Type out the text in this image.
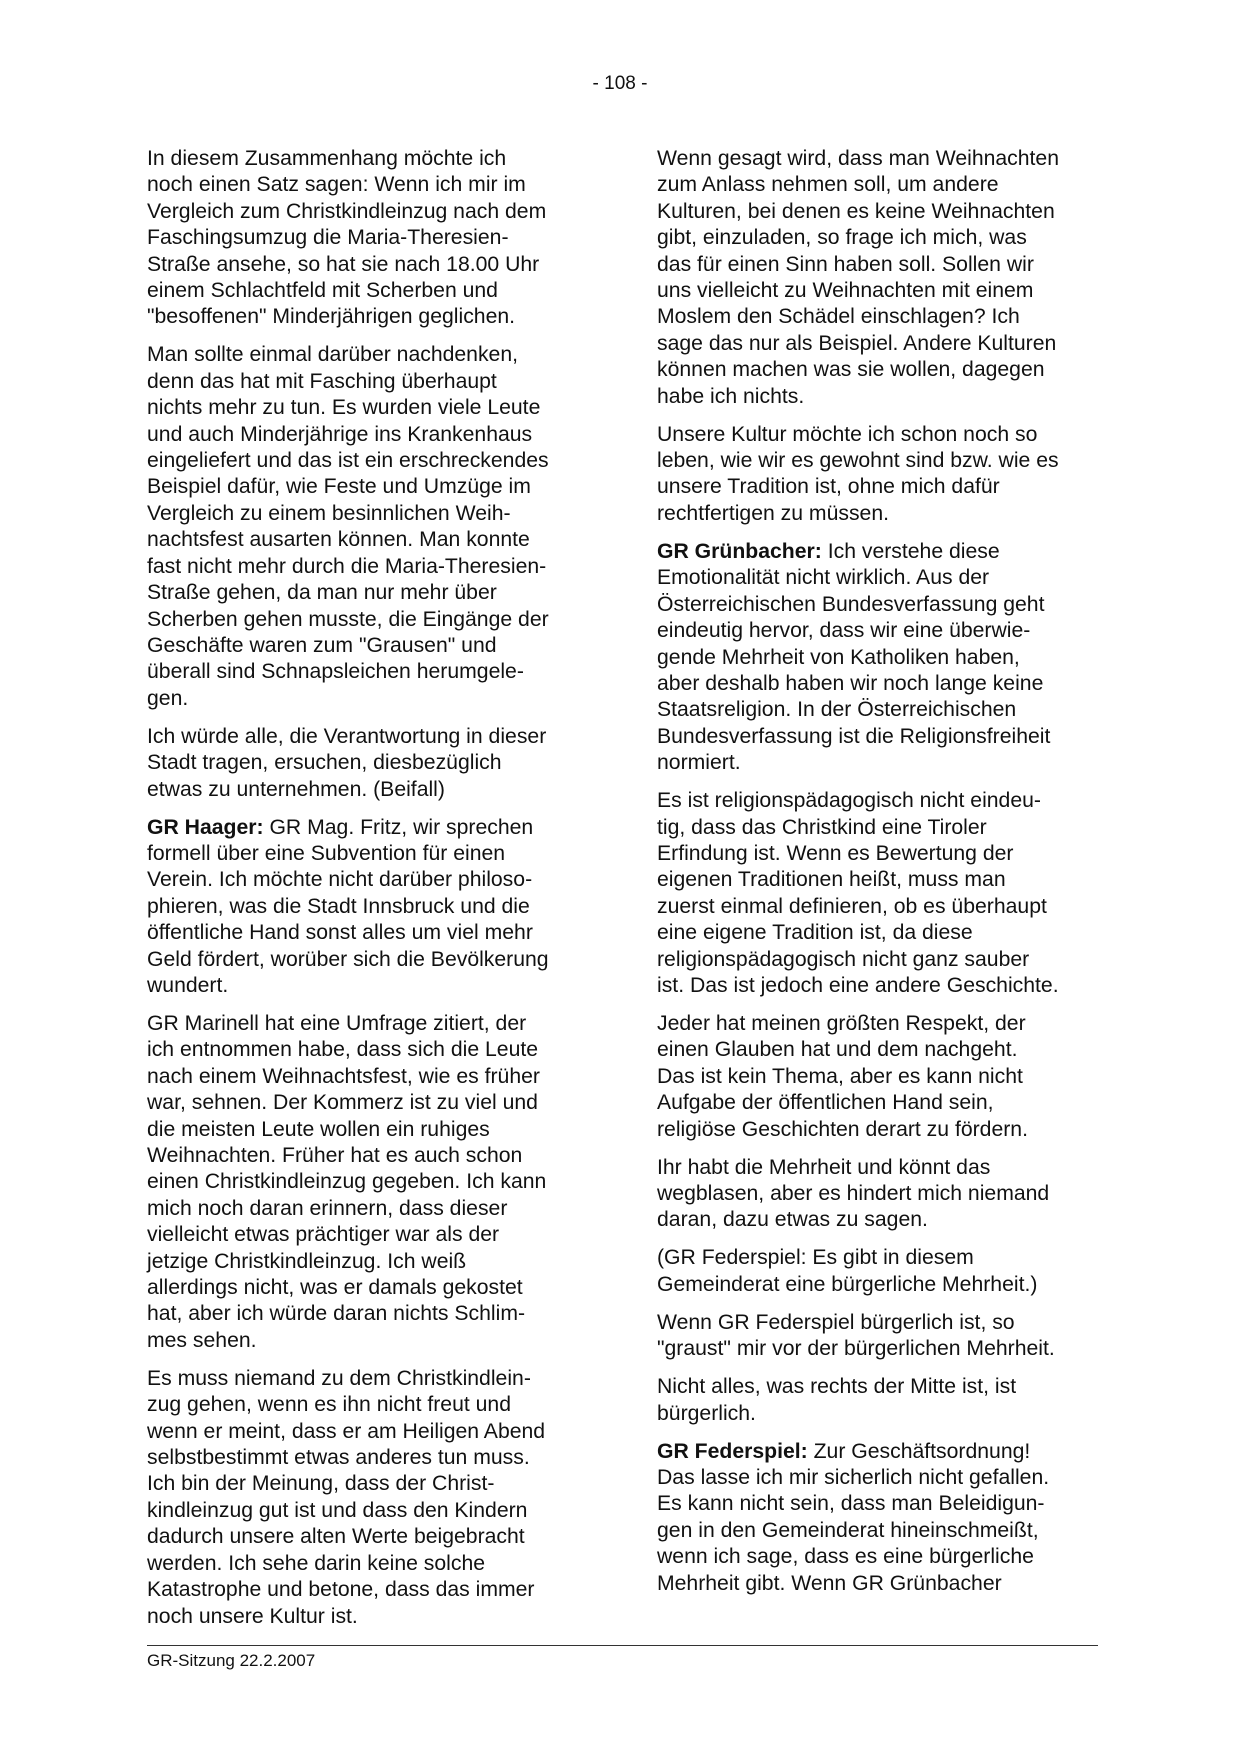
- 108 -

In diesem Zusammenhang möchte ich
noch einen Satz sagen: Wenn ich mir im
Vergleich zum Christkindleinzug nach dem
Faschingsumzug die Maria-Theresien-
Straße ansehe, so hat sie nach 18.00 Uhr
einem Schlachtfeld mit Scherben und
"besoffenen" Minderjährigen geglichen.

Man sollte einmal darüber nachdenken,
denn das hat mit Fasching überhaupt
nichts mehr zu tun. Es wurden viele Leute
und auch Minderjährige ins Krankenhaus
eingeliefert und das ist ein erschreckendes
Beispiel dafür, wie Feste und Umzüge im
Vergleich zu einem besinnlichen Weih-
nachtsfest ausarten können. Man konnte
fast nicht mehr durch die Maria-Theresien-
Straße gehen, da man nur mehr über
Scherben gehen musste, die Eingänge der
Geschäfte waren zum "Grausen" und
überall sind Schnapsleichen herumgele-
gen.

Ich würde alle, die Verantwortung in dieser
Stadt tragen, ersuchen, diesbezüglich
etwas zu unternehmen. (Beifall)

GR Haager: GR Mag. Fritz, wir sprechen
formell über eine Subvention für einen
Verein. Ich möchte nicht darüber philoso-
phieren, was die Stadt Innsbruck und die
öffentliche Hand sonst alles um viel mehr
Geld fördert, worüber sich die Bevölkerung
wundert.

GR Marinell hat eine Umfrage zitiert, der
ich entnommen habe, dass sich die Leute
nach einem Weihnachtsfest, wie es früher
war, sehnen. Der Kommerz ist zu viel und
die meisten Leute wollen ein ruhiges
Weihnachten. Früher hat es auch schon
einen Christkindleinzug gegeben. Ich kann
mich noch daran erinnern, dass dieser
vielleicht etwas prächtiger war als der
jetzige Christkindleinzug. Ich weiß
allerdings nicht, was er damals gekostet
hat, aber ich würde daran nichts Schlim-
mes sehen.

Es muss niemand zu dem Christkindlein-
zug gehen, wenn es ihn nicht freut und
wenn er meint, dass er am Heiligen Abend
selbstbestimmt etwas anderes tun muss.
Ich bin der Meinung, dass der Christ-
kindleinzug gut ist und dass den Kindern
dadurch unsere alten Werte beigebracht
werden. Ich sehe darin keine solche
Katastrophe und betone, dass das immer
noch unsere Kultur ist.

Wenn gesagt wird, dass man Weihnachten
zum Anlass nehmen soll, um andere
Kulturen, bei denen es keine Weihnachten
gibt, einzuladen, so frage ich mich, was
das für einen Sinn haben soll. Sollen wir
uns vielleicht zu Weihnachten mit einem
Moslem den Schädel einschlagen? Ich
sage das nur als Beispiel. Andere Kulturen
können machen was sie wollen, dagegen
habe ich nichts.

Unsere Kultur möchte ich schon noch so
leben, wie wir es gewohnt sind bzw. wie es
unsere Tradition ist, ohne mich dafür
rechtfertigen zu müssen.

GR Grünbacher: Ich verstehe diese
Emotionalität nicht wirklich. Aus der
Österreichischen Bundesverfassung geht
eindeutig hervor, dass wir eine überwie-
gende Mehrheit von Katholiken haben,
aber deshalb haben wir noch lange keine
Staatsreligion. In der Österreichischen
Bundesverfassung ist die Religionsfreiheit
normiert.

Es ist religionspädagogisch nicht eindeu-
tig, dass das Christkind eine Tiroler
Erfindung ist. Wenn es Bewertung der
eigenen Traditionen heißt, muss man
zuerst einmal definieren, ob es überhaupt
eine eigene Tradition ist, da diese
religionspädagogisch nicht ganz sauber
ist. Das ist jedoch eine andere Geschichte.

Jeder hat meinen größten Respekt, der
einen Glauben hat und dem nachgeht.
Das ist kein Thema, aber es kann nicht
Aufgabe der öffentlichen Hand sein,
religiöse Geschichten derart zu fördern.

Ihr habt die Mehrheit und könnt das
wegblasen, aber es hindert mich niemand
daran, dazu etwas zu sagen.

(GR Federspiel: Es gibt in diesem
Gemeinderat eine bürgerliche Mehrheit.)

Wenn GR Federspiel bürgerlich ist, so
"graust" mir vor der bürgerlichen Mehrheit.

Nicht alles, was rechts der Mitte ist, ist
bürgerlich.

GR Federspiel: Zur Geschäftsordnung!
Das lasse ich mir sicherlich nicht gefallen.
Es kann nicht sein, dass man Beleidigun-
gen in den Gemeinderat hineinschmeißt,
wenn ich sage, dass es eine bürgerliche
Mehrheit gibt. Wenn GR Grünbacher

GR-Sitzung 22.2.2007
